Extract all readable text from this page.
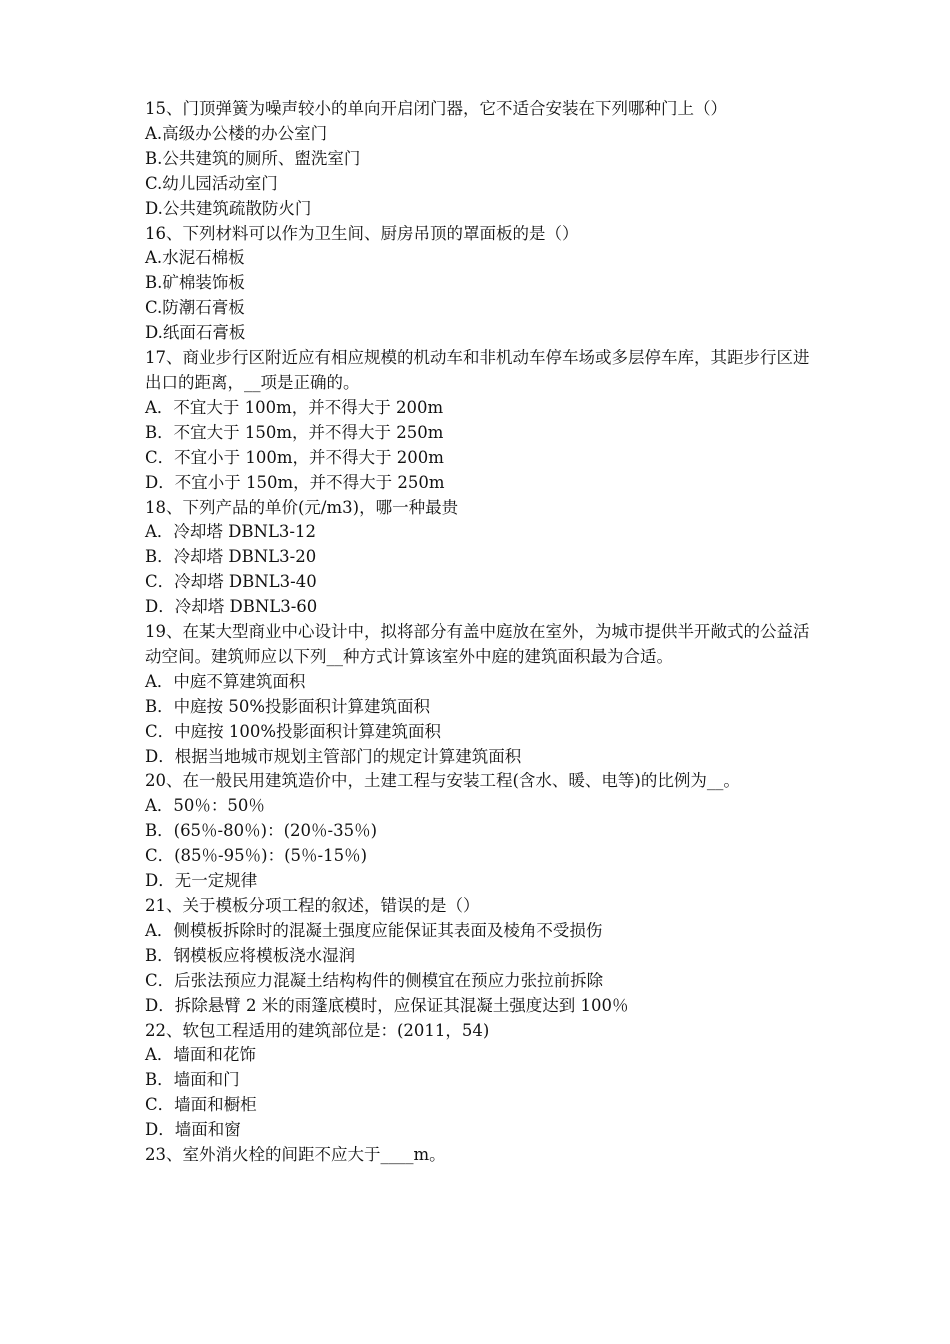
15、门顶弹簧为噪声较小的单向开启闭门器，它不适合安装在下列哪种门上（）

A.高级办公楼的办公室门

B.公共建筑的厕所、盥洗室门

C.幼儿园活动室门

D.公共建筑疏散防火门

16、下列材料可以作为卫生间、厨房吊顶的罩面板的是（）

A.水泥石棉板

B.矿棉装饰板

C.防潮石膏板

D.纸面石膏板

17、商业步行区附近应有相应规模的机动车和非机动车停车场或多层停车库，其距步行区进出口的距离，__项是正确的。

A．不宜大于 100m，并不得大于 200m

B．不宜大于 150m，并不得大于 250m

C．不宜小于 100m，并不得大于 200m

D．不宜小于 150m，并不得大于 250m

18、下列产品的单价(元/m3)，哪一种最贵

A．冷却塔 DBNL3-12

B．冷却塔 DBNL3-20

C．冷却塔 DBNL3-40

D．冷却塔 DBNL3-60

19、在某大型商业中心设计中，拟将部分有盖中庭放在室外，为城市提供半开敞式的公益活动空间。建筑师应以下列__种方式计算该室外中庭的建筑面积最为合适。

A．中庭不算建筑面积

B．中庭按 50%投影面积计算建筑面积

C．中庭按 100%投影面积计算建筑面积

D．根据当地城市规划主管部门的规定计算建筑面积

20、在一般民用建筑造价中，土建工程与安装工程(含水、暖、电等)的比例为__。

A．50％：50％

B．(65％-80％)：(20％-35％)

C．(85％-95％)：(5％-15％)

D．无一定规律

21、关于模板分项工程的叙述，错误的是（）

A．侧模板拆除时的混凝土强度应能保证其表面及棱角不受损伤

B．钢模板应将模板浇水湿润

C．后张法预应力混凝土结构构件的侧模宜在预应力张拉前拆除

D．拆除悬臂 2 米的雨篷底模时，应保证其混凝土强度达到 100％

22、软包工程适用的建筑部位是：(2011，54)

A．墙面和花饰

B．墙面和门

C．墙面和橱柜

D．墙面和窗

23、室外消火栓的间距不应大于____m。
